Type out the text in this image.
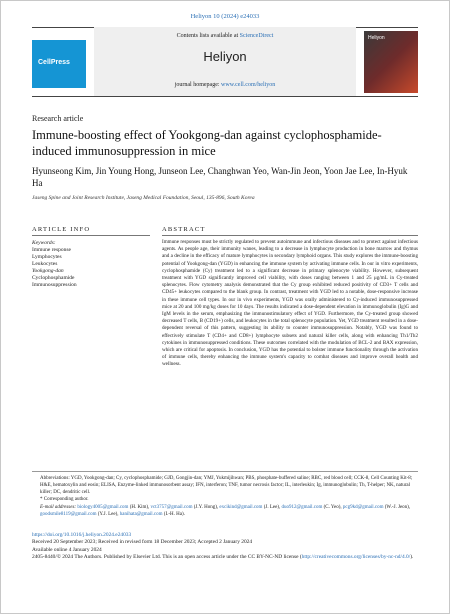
Heliyon 10 (2024) e24033
CellPress
Contents lists available at ScienceDirect
Heliyon
journal homepage: www.cell.com/heliyon
Heliyon
Research article
Immune-boosting effect of Yookgong-dan against cyclophosphamide-induced immunosuppression in mice
Hyunseong Kim, Jin Young Hong, Junseon Lee, Changhwan Yeo, Wan-Jin Jeon, Yoon Jae Lee, In-Hyuk Ha
Jaseng Spine and Joint Research Institute, Jaseng Medical Foundation, Seoul, 135-896, South Korea
ARTICLE INFO
Keywords:
Immune response
Lymphocytes
Leukocytes
Yookgong-dan
Cyclophosphamide
Immunosuppression
ABSTRACT
Immune responses must be strictly regulated to prevent autoimmune and infectious diseases and to protect against infectious agents. As people age, their immunity wanes, leading to a decrease in lymphocyte production in bone marrow and thymus and a decline in the efficacy of mature lymphocytes in secondary lymphoid organs. This study explores the immune-boosting potential of Yookgong-dan (YGD) in enhancing the immune system by activating immune cells. In our in vitro experiments, cyclophosphamide (Cy) treatment led to a significant decrease in primary splenocyte viability. However, subsequent treatment with YGD significantly improved cell viability, with doses ranging between 1 and 25 μg/mL in Cy-treated splenocytes. Flow cytometry analysis demonstrated that the Cy group exhibited reduced positivity of CD3+ T cells and CD45+ leukocytes compared to the blank group. In contrast, treatment with YGD led to a notable, dose-responsive increase in these immune cell types. In our in vivo experiments, YGD was orally administered to Cy-induced immunosuppressed mice at 20 and 100 mg/kg doses for 10 days. The results indicated a dose-dependent elevation in immunoglobulin (Ig)G and IgM levels in the serum, emphasizing the immunostimulatory effect of YGD. Furthermore, the Cy-treated group showed decreased T cells, B (CD19+) cells, and leukocytes in the total splenocyte population. Yet, YGD treatment resulted in a dose-dependent reversal of this pattern, suggesting its ability to counter immunosuppression. Notably, YGD was found to effectively stimulate T (CD4+ and CD8+) lymphocyte subsets and natural killer cells, along with enhancing Th1/Th2 cytokines in immunosuppressed conditions. These outcomes correlated with the modulation of BCL-2 and BAX expression, which are critical for apoptosis. In conclusion, YGD has the potential to bolster immune functionality through the activation of immune cells, thereby enhancing the immune system's capacity to combat diseases and improve overall health and wellness.

Abbreviations: YGD, Yookgong-dan; Cy, cyclophosphamide; GJD, Gongjin-dan; YMJ, Yukmijihwan; PBS, phosphate-buffered saline; RBC, red blood cell; CCK-8, Cell Counting Kit-8; H&E, hematoxylin and eosin; ELISA, Enzyme-linked immunosorbent assay; IFN, interferon; TNF, tumor necrosis factor; IL, interleukin; Ig, immunoglobulin; Th, T-helper; NK, natural killer; DC, dendritic cell.

* Corresponding author.

E-mail addresses: biology4005@gmail.com (H. Kim), vct3757@gmail.com (J.Y. Hong), excikind@gmail.com (J. Lee), duo912@gmail.com (C. Yeo), pcg9kd@gmail.com (W.-J. Jeon), goodsmile8119@gmail.com (Y.J. Lee), hanihata@gmail.com (I.-H. Ha).

https://doi.org/10.1016/j.heliyon.2024.e24033
Received 20 September 2023; Received in revised form 18 December 2023; Accepted 2 January 2024
Available online 4 January 2024
2405-8440/© 2024 The Authors. Published by Elsevier Ltd. This is an open access article under the CC BY-NC-ND license (http://creativecommons.org/licenses/by-nc-nd/4.0/).
